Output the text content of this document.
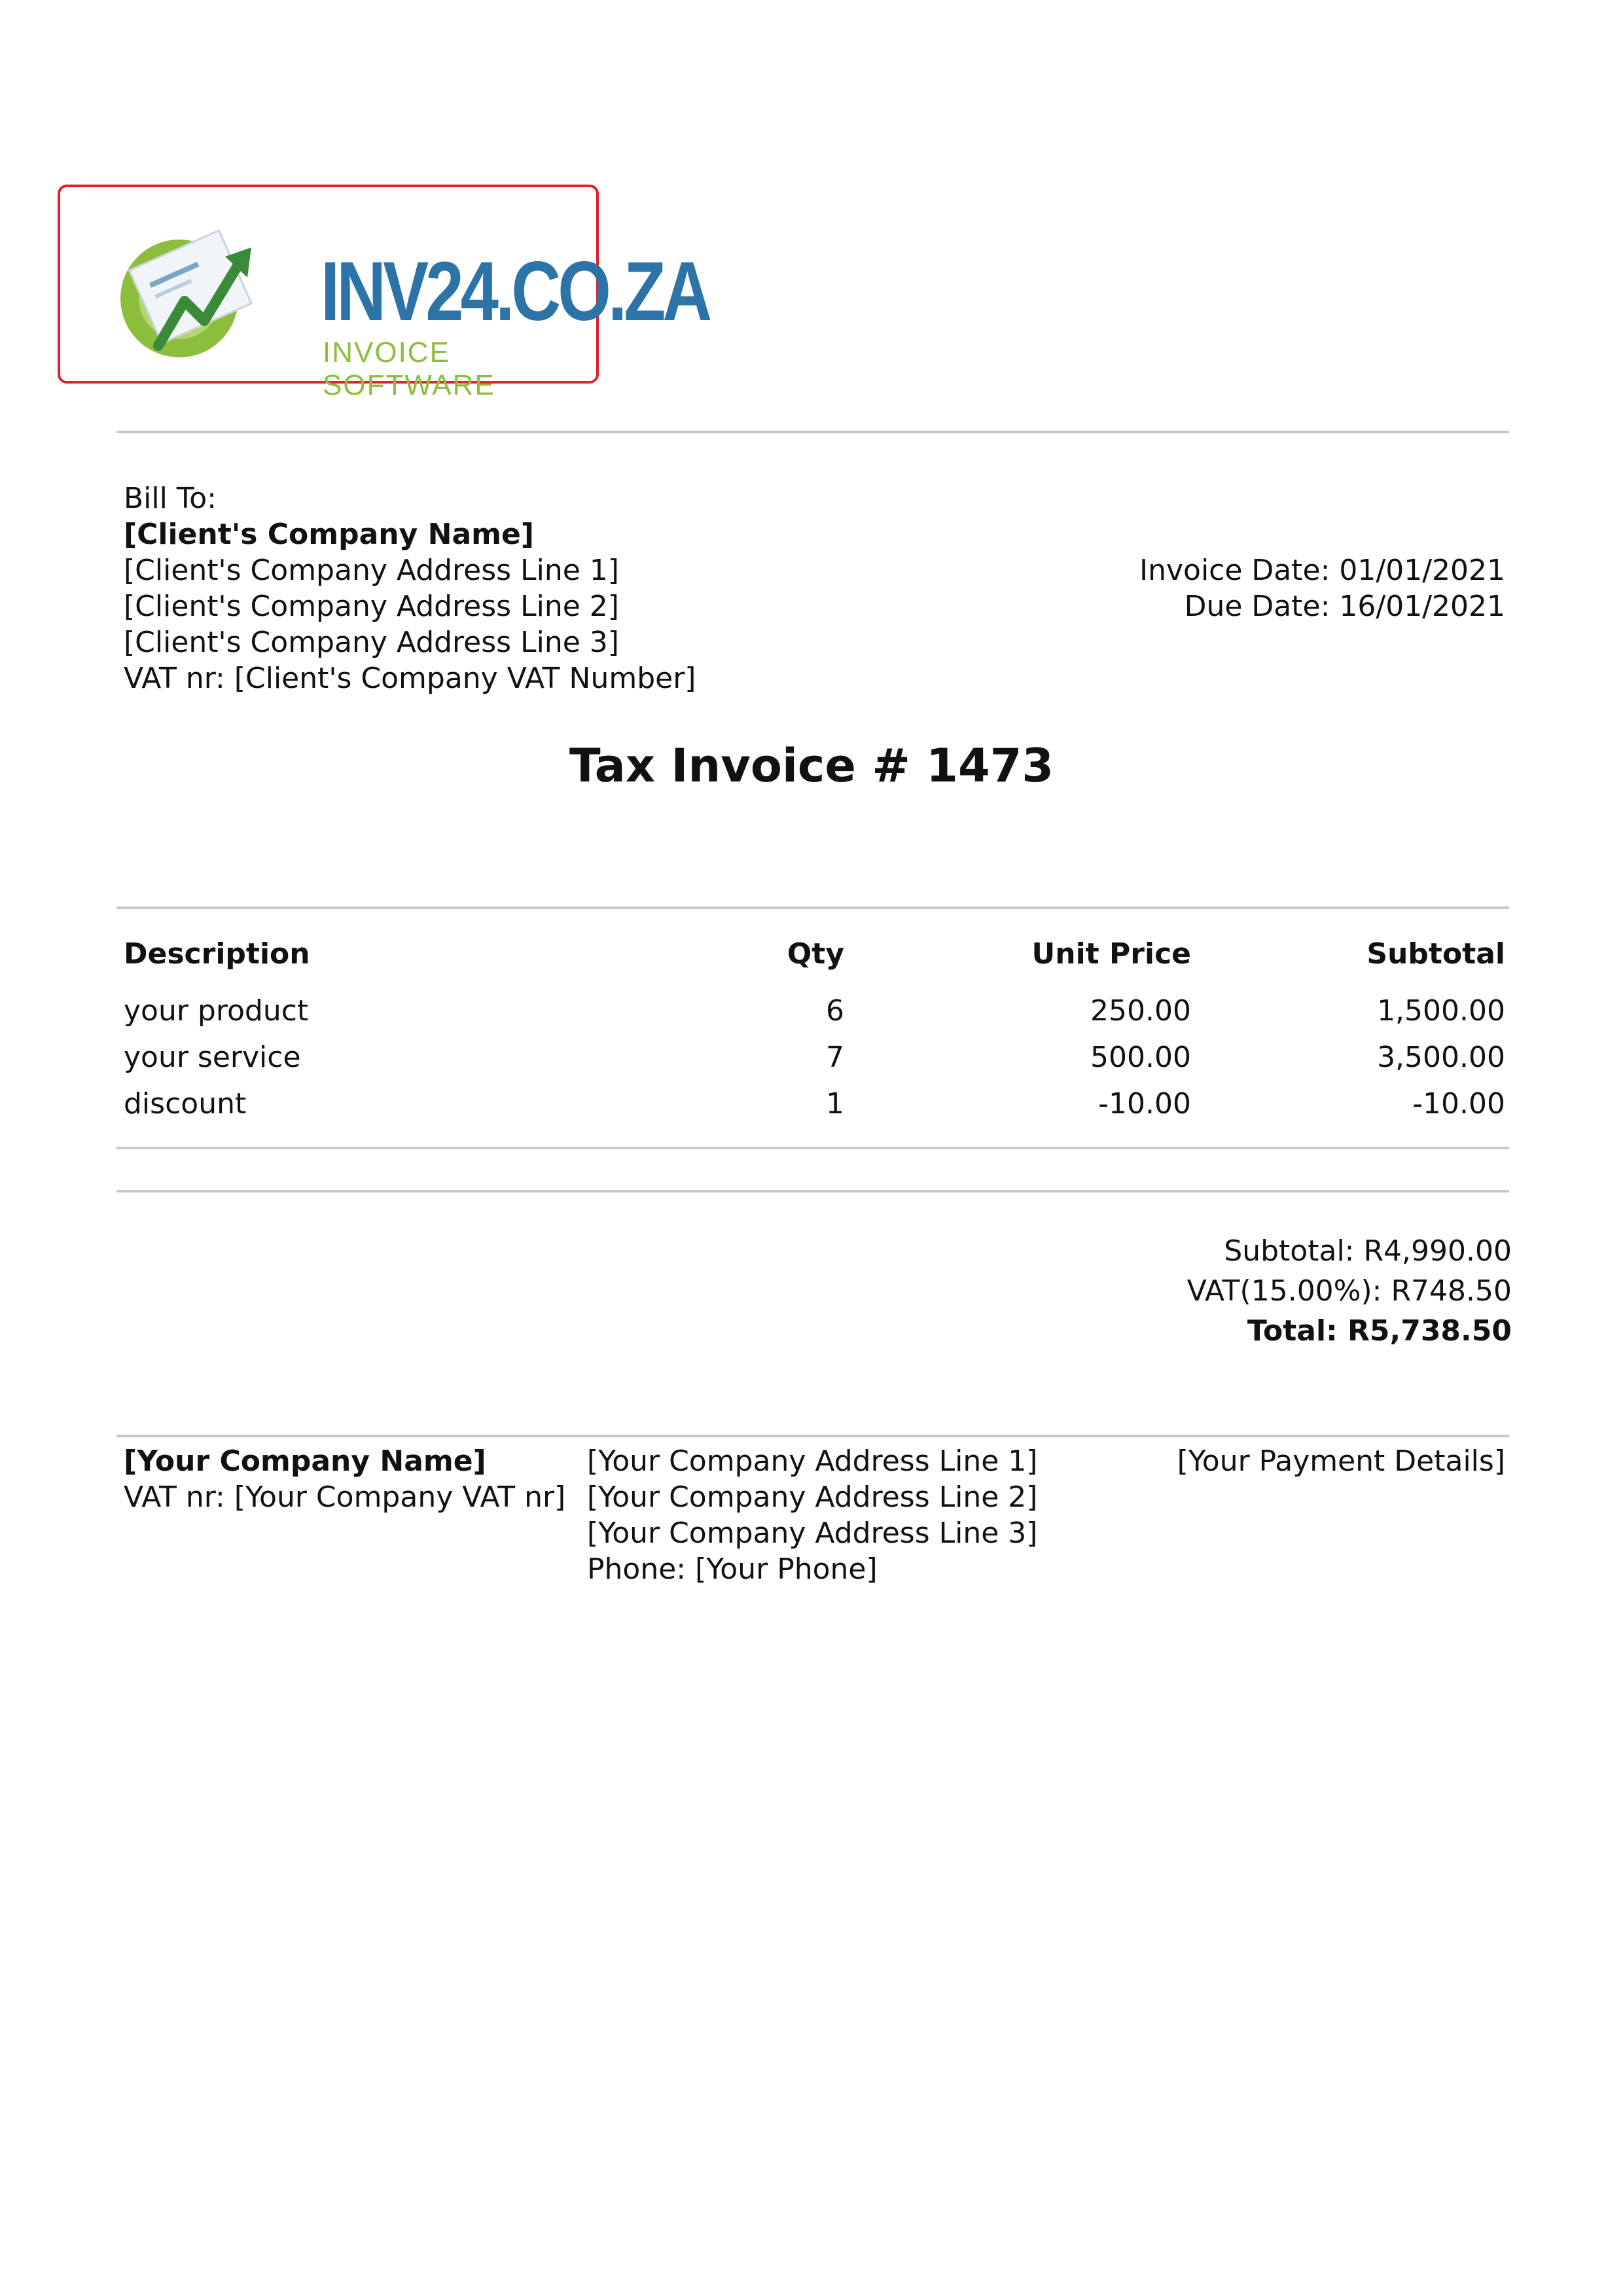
INV24.CO.ZA
INVOICE SOFTWARE
Bill To:
[Client's Company Name]
[Client's Company Address Line 1]
[Client's Company Address Line 2]
[Client's Company Address Line 3]
VAT nr: [Client's Company VAT Number]
Invoice Date: 01/01/2021
Due Date: 16/01/2021
Tax Invoice # 1473
Description	Qty	Unit Price	Subtotal
your product	6	250.00	1,500.00
your service	7	500.00	3,500.00
discount	1	-10.00	-10.00
Subtotal: R4,990.00
VAT(15.00%): R748.50
Total: R5,738.50
[Your Company Name]
VAT nr: [Your Company VAT nr]
[Your Company Address Line 1]
[Your Company Address Line 2]
[Your Company Address Line 3]
Phone: [Your Phone]
[Your Payment Details]
